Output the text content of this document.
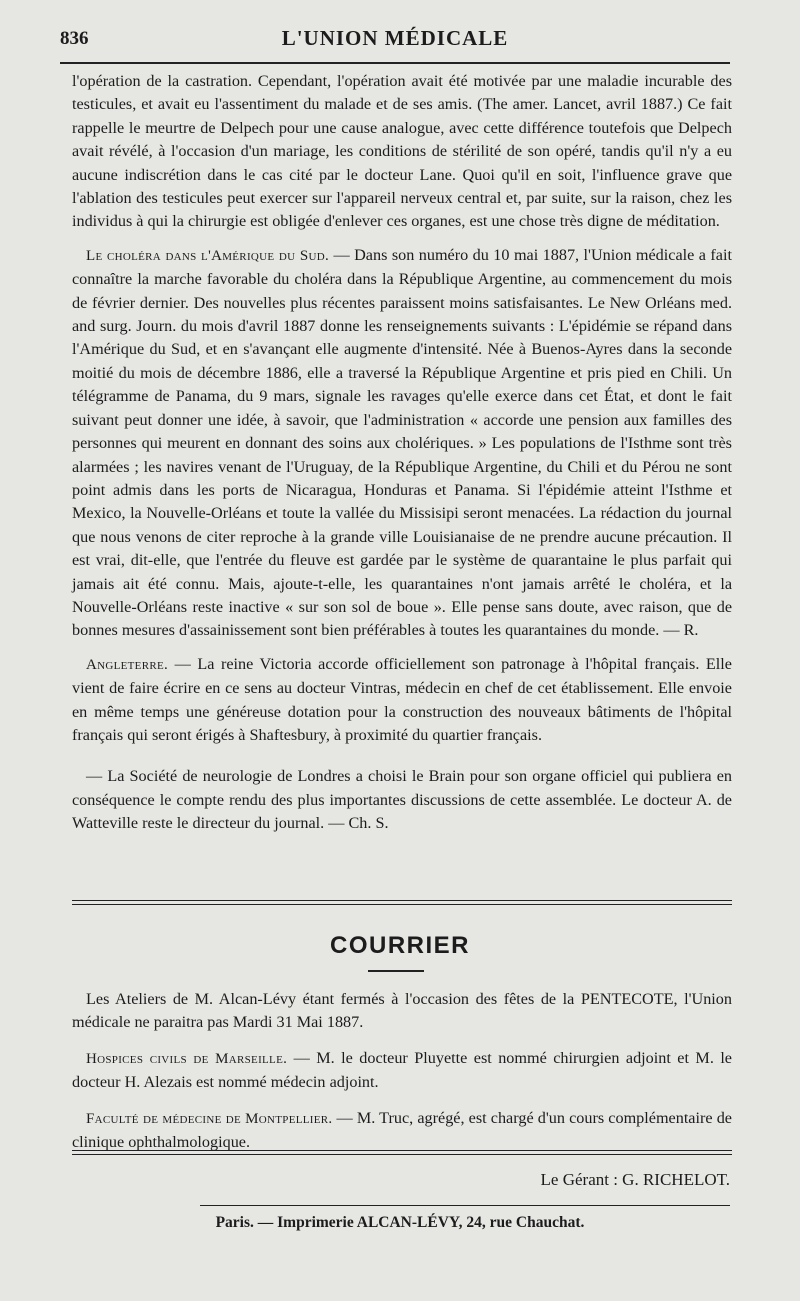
836	L'UNION MÉDICALE

l'opération de la castration. Cependant, l'opération avait été motivée par une maladie incurable des testicules, et avait eu l'assentiment du malade et de ses amis. (The amer. Lancet, avril 1887.) Ce fait rappelle le meurtre de Delpech pour une cause analogue, avec cette différence toutefois que Delpech avait révélé, à l'occasion d'un mariage, les conditions de stérilité de son opéré, tandis qu'il n'y a eu aucune indiscrétion dans le cas cité par le docteur Lane. Quoi qu'il en soit, l'influence grave que l'ablation des testicules peut exercer sur l'appareil nerveux central et, par suite, sur la raison, chez les individus à qui la chirurgie est obligée d'enlever ces organes, est une chose très digne de méditation.

Le choléra dans l'Amérique du Sud. — Dans son numéro du 10 mai 1887, l'Union médicale a fait connaître la marche favorable du choléra dans la République Argentine, au commencement du mois de février dernier. Des nouvelles plus récentes paraissent moins satisfaisantes. Le New Orléans med. and surg. Journ. du mois d'avril 1887 donne les renseignements suivants : L'épidémie se répand dans l'Amérique du Sud, et en s'avançant elle augmente d'intensité. Née à Buenos-Ayres dans la seconde moitié du mois de décembre 1886, elle a traversé la République Argentine et pris pied en Chili. Un télégramme de Panama, du 9 mars, signale les ravages qu'elle exerce dans cet État, et dont le fait suivant peut donner une idée, à savoir, que l'administration « accorde une pension aux familles des personnes qui meurent en donnant des soins aux cholériques. » Les populations de l'Isthme sont très alarmées ; les navires venant de l'Uruguay, de la République Argentine, du Chili et du Pérou ne sont point admis dans les ports de Nicaragua, Honduras et Panama. Si l'épidémie atteint l'Isthme et Mexico, la Nouvelle-Orléans et toute la vallée du Missisipi seront menacées. La rédaction du journal que nous venons de citer reproche à la grande ville Louisianaise de ne prendre aucune précaution. Il est vrai, dit-elle, que l'entrée du fleuve est gardée par le système de quarantaine le plus parfait qui jamais ait été connu. Mais, ajoute-t-elle, les quarantaines n'ont jamais arrêté le choléra, et la Nouvelle-Orléans reste inactive « sur son sol de boue ». Elle pense sans doute, avec raison, que de bonnes mesures d'assainissement sont bien préférables à toutes les quarantaines du monde. — R.

Angleterre. — La reine Victoria accorde officiellement son patronage à l'hôpital français. Elle vient de faire écrire en ce sens au docteur Vintras, médecin en chef de cet établissement. Elle envoie en même temps une généreuse dotation pour la construction des nouveaux bâtiments de l'hôpital français qui seront érigés à Shaftesbury, à proximité du quartier français.

— La Société de neurologie de Londres a choisi le Brain pour son organe officiel qui publiera en conséquence le compte rendu des plus importantes discussions de cette assemblée. Le docteur A. de Watteville reste le directeur du journal. — Ch. S.

COURRIER

Les Ateliers de M. Alcan-Lévy étant fermés à l'occasion des fêtes de la PENTECOTE, l'Union médicale ne paraitra pas Mardi 31 Mai 1887.

Hospices civils de Marseille. — M. le docteur Pluyette est nommé chirurgien adjoint et M. le docteur H. Alezais est nommé médecin adjoint.

Faculté de médecine de Montpellier. — M. Truc, agrégé, est chargé d'un cours complémentaire de clinique ophthalmologique.

Le Gérant : G. RICHELOT.
Paris. — Imprimerie ALCAN-LÉVY, 24, rue Chauchat.
